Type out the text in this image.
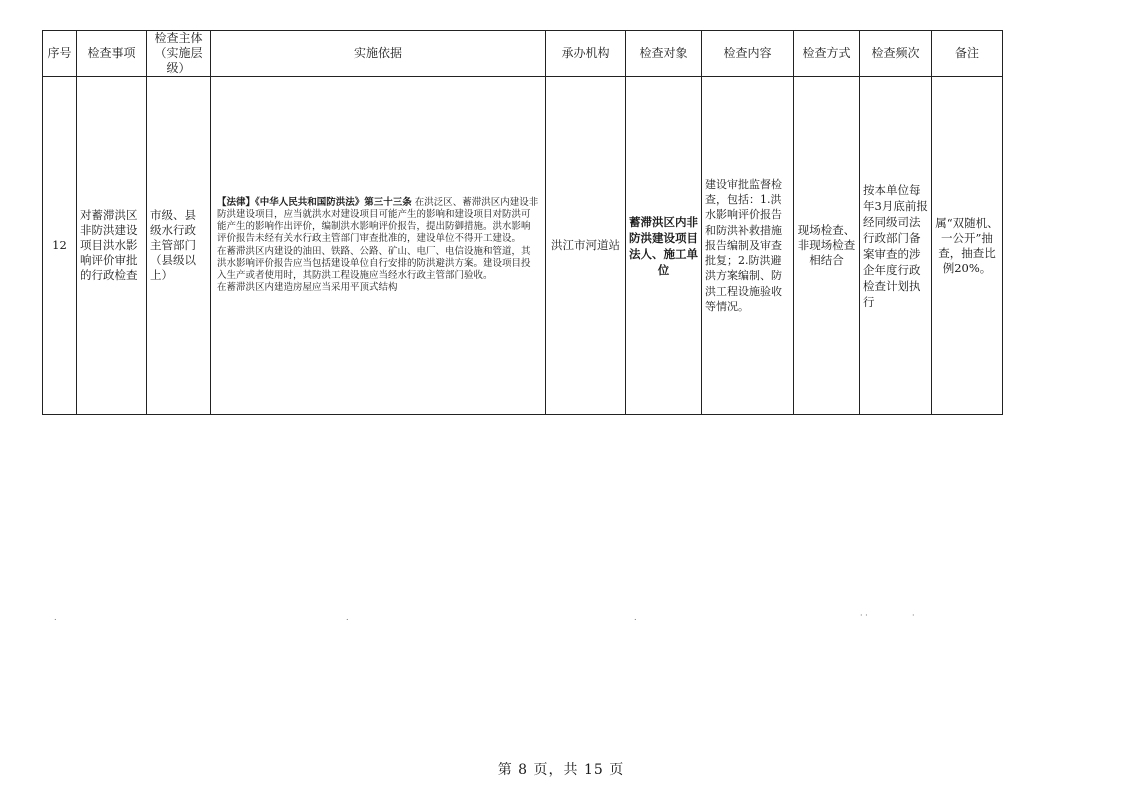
序号	检查事项	检查主体（实施层级）	实施依据	承办机构	检查对象	检查内容	检查方式	检查频次	备注
12	对蓄滞洪区非防洪建设项目洪水影响评价审批的行政检查	市级、县级水行政主管部门（县级以上）	【法律】《中华人民共和国防洪法》第三十三条 在洪泛区、蓄滞洪区内建设非防洪建设项目，应当就洪水对建设项目可能产生的影响和建设项目对防洪可能产生的影响作出评价，编制洪水影响评价报告，提出防御措施。洪水影响评价报告未经有关水行政主管部门审查批准的，建设单位不得开工建设。
在蓄滞洪区内建设的油田、铁路、公路、矿山、电厂、电信设施和管道，其洪水影响评价报告应当包括建设单位自行安排的防洪避洪方案。建设项目投入生产或者使用时，其防洪工程设施应当经水行政主管部门验收。
在蓄滞洪区内建造房屋应当采用平顶式结构	洪江市河道站	蓄滞洪区内非防洪建设项目法人、施工单位	建设审批监督检查，包括：1.洪水影响评价报告和防洪补救措施报告编制及审查批复；2.防洪避洪方案编制、防洪工程设施验收等情况。	现场检查、非现场检查相结合	按本单位每年3月底前报经同级司法行政部门备案审查的涉企年度行政检查计划执行	属“双随机、一公开”抽查，抽查比例20%。
.	.	.	· ·	·
第 8 页，共 15 页
